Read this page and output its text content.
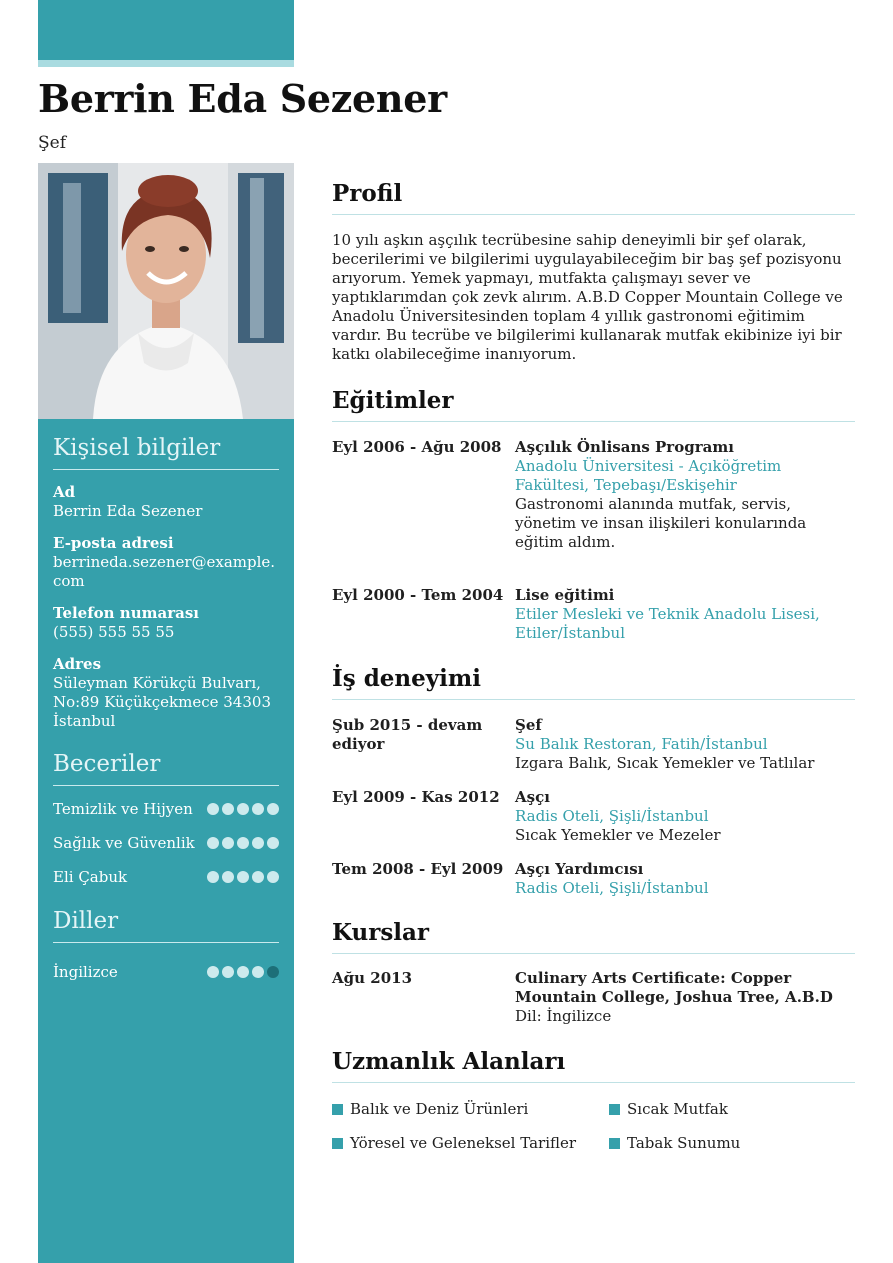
Berrin Eda Sezener
Şef
Kişisel bilgiler
Ad
Berrin Eda Sezener
E-posta adresi
berrineda.sezener@example.com
Telefon numarası
(555) 555 55 55
Adres
Süleyman Körükçü Bulvarı, No:89 Küçükçekmece 34303 İstanbul
Beceriler
Temizlik ve Hijyen
Sağlık ve Güvenlik
Eli Çabuk
Diller
İngilizce
Profil

10 yılı aşkın aşçılık tecrübesine sahip deneyimli bir şef olarak, becerilerimi ve bilgilerimi uygulayabileceğim bir baş şef pozisyonu arıyorum. Yemek yapmayı, mutfakta çalışmayı sever ve yaptıklarımdan çok zevk alırım. A.B.D Copper Mountain College ve Anadolu Üniversitesinden toplam 4 yıllık gastronomi eğitimim vardır. Bu tecrübe ve bilgilerimi kullanarak mutfak ekibinize iyi bir katkı olabileceğime inanıyorum.

Eğitimler
Eyl 2006 - Ağu 2008 Aşçılık Önlisans Programı
Anadolu Üniversitesi - Açıköğretim Fakültesi, Tepebaşı/Eskişehir
Gastronomi alanında mutfak, servis, yönetim ve insan ilişkileri konularında eğitim aldım.
Eyl 2000 - Tem 2004 Lise eğitimi
Etiler Mesleki ve Teknik Anadolu Lisesi, Etiler/İstanbul
İş deneyimi
Şub 2015 - devam ediyor
Şef
Su Balık Restoran, Fatih/İstanbul
Izgara Balık, Sıcak Yemekler ve Tatlılar
Eyl 2009 - Kas 2012	Aşçı
Radis Oteli, Şişli/İstanbul
Sıcak Yemekler ve Mezeler
Tem 2008 - Eyl 2009 Aşçı Yardımcısı
Radis Oteli, Şişli/İstanbul
Kurslar
Ağu 2013	Culinary Arts Certificate: Copper Mountain College, Joshua Tree, A.B.D
Dil: İngilizce
Uzmanlık Alanları
Balık ve Deniz Ürünleri	Sıcak Mutfak
Yöresel ve Geleneksel Tarifler	Tabak Sunumu
